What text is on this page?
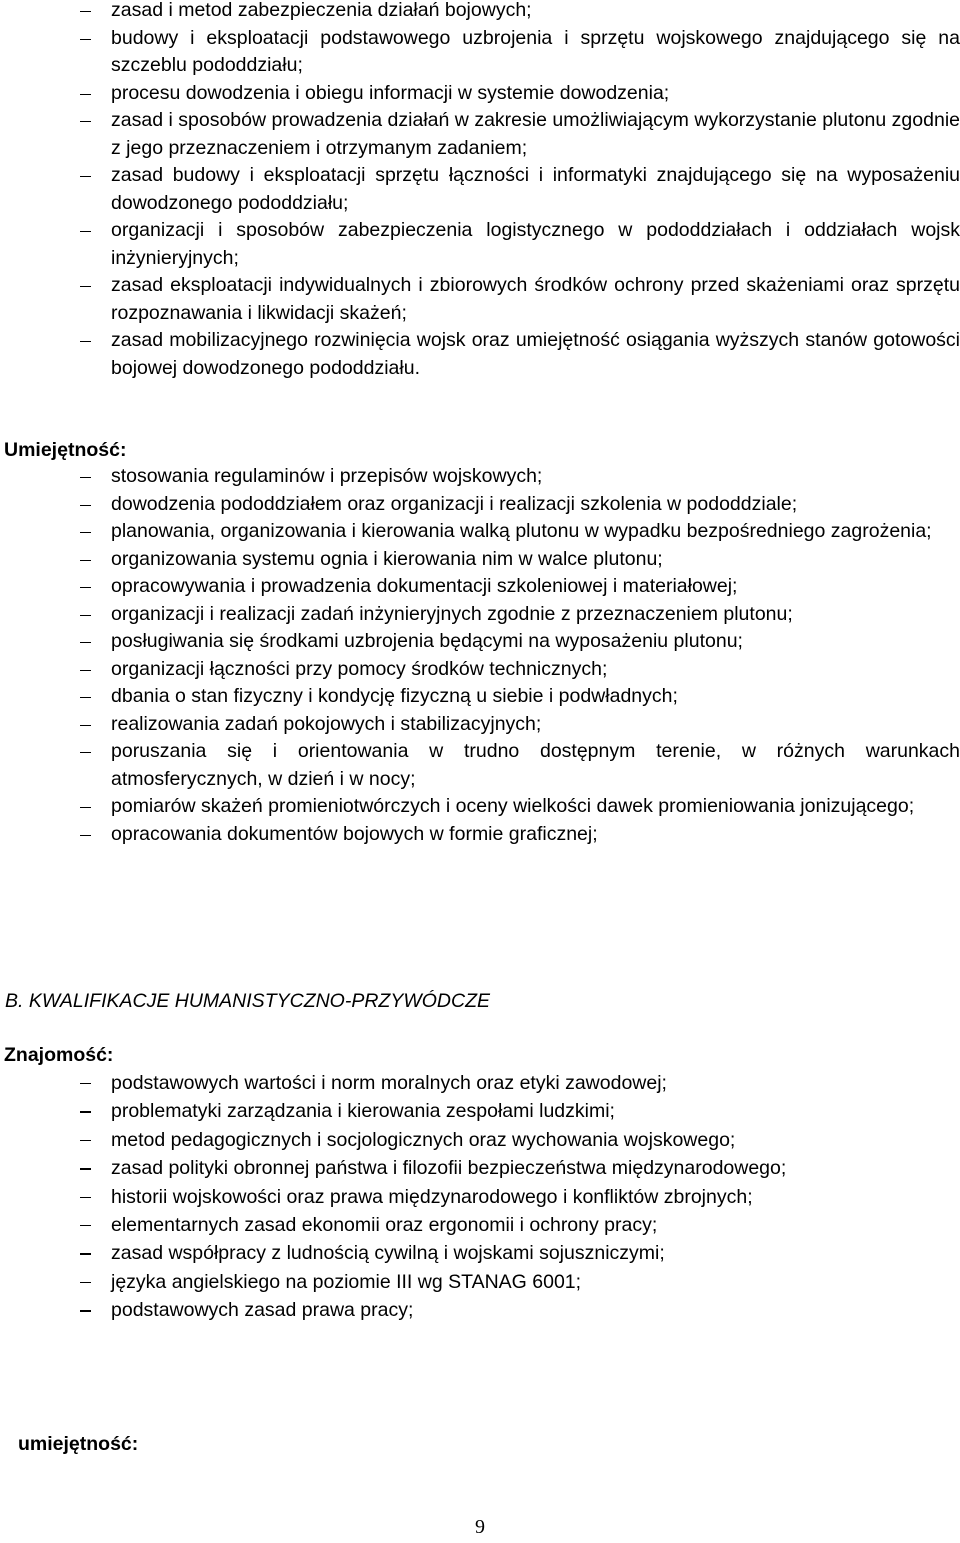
zasad i metod zabezpieczenia działań bojowych;
budowy i eksploatacji podstawowego uzbrojenia i sprzętu wojskowego znajdującego się na szczeblu pododdziału;
procesu dowodzenia i obiegu informacji w systemie dowodzenia;
zasad i sposobów prowadzenia działań w zakresie umożliwiającym wykorzystanie plutonu zgodnie z jego przeznaczeniem i otrzymanym zadaniem;
zasad budowy i eksploatacji sprzętu łączności i informatyki znajdującego się na wyposażeniu dowodzonego pododdziału;
organizacji i sposobów zabezpieczenia logistycznego w pododdziałach i oddziałach wojsk inżynieryjnych;
zasad eksploatacji indywidualnych i zbiorowych środków ochrony przed skażeniami oraz sprzętu rozpoznawania i likwidacji skażeń;
zasad mobilizacyjnego rozwinięcia wojsk oraz umiejętność osiągania wyższych stanów gotowości bojowej dowodzonego pododdziału.
Umiejętność:
stosowania regulaminów i przepisów wojskowych;
dowodzenia pododdziałem oraz organizacji i realizacji szkolenia w pododdziale;
planowania, organizowania i kierowania walką plutonu w wypadku bezpośredniego zagrożenia;
organizowania systemu ognia i kierowania nim w walce plutonu;
opracowywania i prowadzenia dokumentacji szkoleniowej i materiałowej;
organizacji i realizacji zadań inżynieryjnych zgodnie z przeznaczeniem plutonu;
posługiwania się środkami uzbrojenia będącymi na wyposażeniu plutonu;
organizacji łączności przy pomocy środków technicznych;
dbania o stan fizyczny i kondycję fizyczną u siebie i podwładnych;
realizowania zadań pokojowych i stabilizacyjnych;
poruszania się i orientowania w trudno dostępnym terenie, w różnych warunkach atmosferycznych, w dzień i w nocy;
pomiarów skażeń promieniotwórczych i oceny wielkości dawek promieniowania jonizującego;
opracowania dokumentów bojowych w formie graficznej;
B. KWALIFIKACJE HUMANISTYCZNO-PRZYWÓDCZE
Znajomość:
podstawowych wartości i norm moralnych oraz etyki zawodowej;
problematyki zarządzania i kierowania zespołami ludzkimi;
metod pedagogicznych i socjologicznych oraz wychowania wojskowego;
zasad polityki obronnej państwa i filozofii bezpieczeństwa międzynarodowego;
historii wojskowości oraz prawa międzynarodowego i konfliktów zbrojnych;
elementarnych zasad ekonomii oraz ergonomii i ochrony pracy;
zasad współpracy z ludnością cywilną i wojskami sojuszniczymi;
języka angielskiego na poziomie III wg STANAG 6001;
podstawowych zasad prawa pracy;
umiejętność:
9
